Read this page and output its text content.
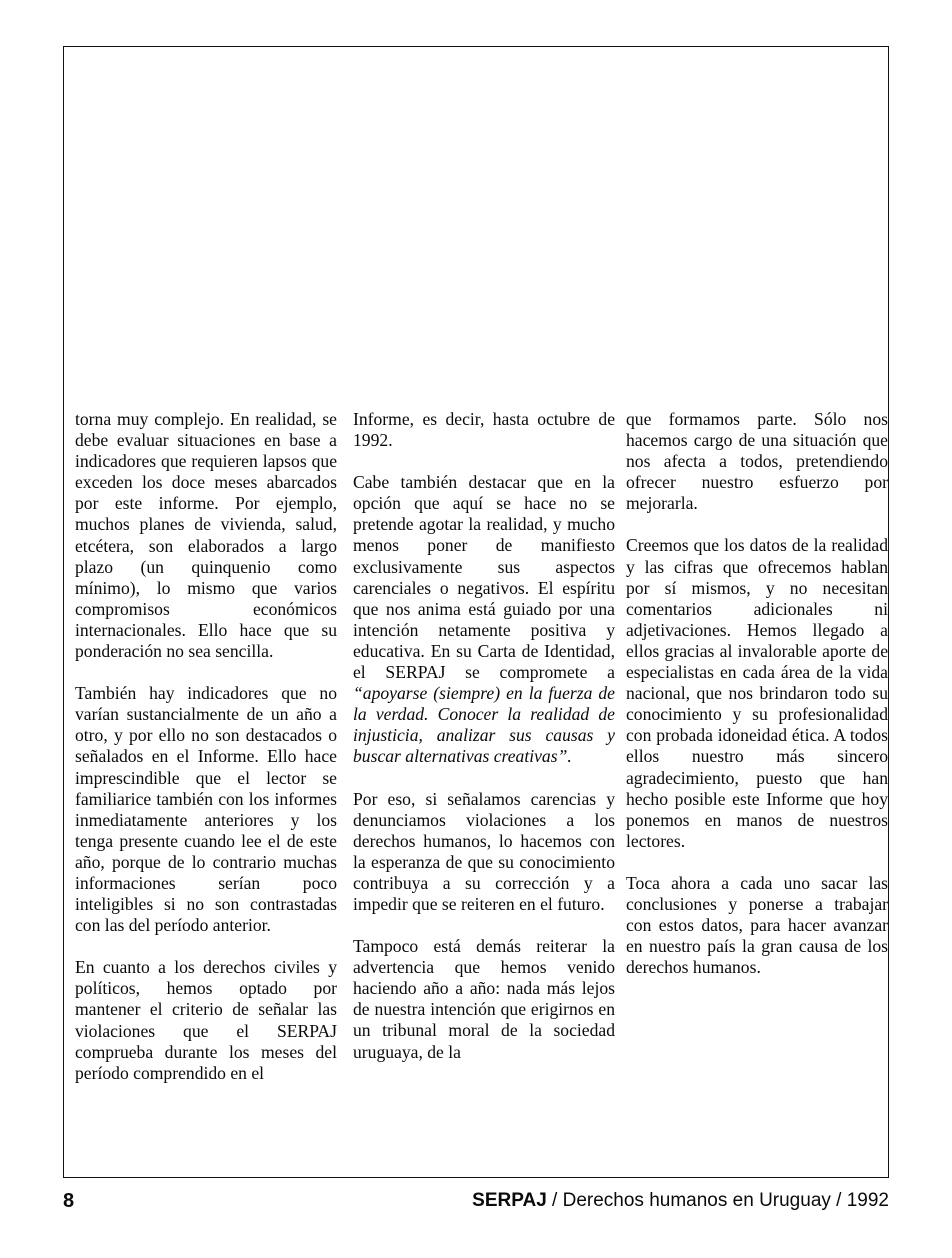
torna muy complejo. En realidad, se debe evaluar situaciones en base a indicadores que requieren lapsos que exceden los doce meses abarcados por este informe. Por ejemplo, muchos planes de vivienda, salud, etcétera, son elaborados a largo plazo (un quinquenio como mínimo), lo mismo que varios compromisos económicos internacionales. Ello hace que su ponderación no sea sencilla.

También hay indicadores que no varían sustancialmente de un año a otro, y por ello no son destacados o señalados en el Informe. Ello hace imprescindible que el lector se familiarice también con los informes inmediatamente anteriores y los tenga presente cuando lee el de este año, porque de lo contrario muchas informaciones serían poco inteligibles si no son contrastadas con las del período anterior.

En cuanto a los derechos civiles y políticos, hemos optado por mantener el criterio de señalar las violaciones que el SERPAJ comprueba durante los meses del período comprendido en el

Informe, es decir, hasta octubre de 1992.

Cabe también destacar que en la opción que aquí se hace no se pretende agotar la realidad, y mucho menos poner de manifiesto exclusivamente sus aspectos carenciales o negativos. El espíritu que nos anima está guiado por una intención netamente positiva y educativa. En su Carta de Identidad, el SERPAJ se compromete a “apoyarse (siempre) en la fuerza de la verdad. Conocer la realidad de injusticia, analizar sus causas y buscar alternativas creativas”.

Por eso, si señalamos carencias y denunciamos violaciones a los derechos humanos, lo hacemos con la esperanza de que su conocimiento contribuya a su corrección y a impedir que se reiteren en el futuro.

Tampoco está demás reiterar la advertencia que hemos venido haciendo año a año: nada más lejos de nuestra intención que erigirnos en un tribunal moral de la sociedad uruguaya, de la

que formamos parte. Sólo nos hacemos cargo de una situación que nos afecta a todos, pretendiendo ofrecer nuestro esfuerzo por mejorarla.

Creemos que los datos de la realidad y las cifras que ofrecemos hablan por sí mismos, y no necesitan comentarios adicionales ni adjetivaciones. Hemos llegado a ellos gracias al invalorable aporte de especialistas en cada área de la vida nacional, que nos brindaron todo su conocimiento y su profesionalidad con probada idoneidad ética. A todos ellos nuestro más sincero agradecimiento, puesto que han hecho posible este Informe que hoy ponemos en manos de nuestros lectores.

Toca ahora a cada uno sacar las conclusiones y ponerse a trabajar con estos datos, para hacer avanzar en nuestro país la gran causa de los derechos humanos.

8	SERPAJ / Derechos humanos en Uruguay / 1992
